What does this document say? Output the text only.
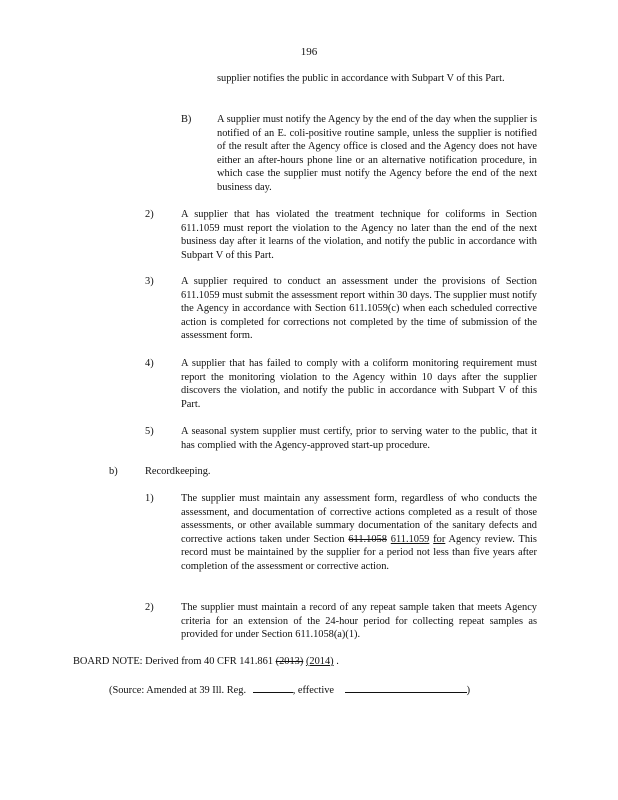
196
supplier notifies the public in accordance with Subpart V of this Part.
B)	A supplier must notify the Agency by the end of the day when the supplier is notified of an E. coli-positive routine sample, unless the supplier is notified of the result after the Agency office is closed and the Agency does not have either an after-hours phone line or an alternative notification procedure, in which case the supplier must notify the Agency before the end of the next business day.
2)	A supplier that has violated the treatment technique for coliforms in Section 611.1059 must report the violation to the Agency no later than the end of the next business day after it learns of the violation, and notify the public in accordance with Subpart V of this Part.
3)	A supplier required to conduct an assessment under the provisions of Section 611.1059 must submit the assessment report within 30 days. The supplier must notify the Agency in accordance with Section 611.1059(c) when each scheduled corrective action is completed for corrections not completed by the time of submission of the assessment form.
4)	A supplier that has failed to comply with a coliform monitoring requirement must report the monitoring violation to the Agency within 10 days after the supplier discovers the violation, and notify the public in accordance with Subpart V of this Part.
5)	A seasonal system supplier must certify, prior to serving water to the public, that it has complied with the Agency-approved start-up procedure.
b)	Recordkeeping.
1)	The supplier must maintain any assessment form, regardless of who conducts the assessment, and documentation of corrective actions completed as a result of those assessments, or other available summary documentation of the sanitary defects and corrective actions taken under Section 611.1058 611.1059 for Agency review. This record must be maintained by the supplier for a period not less than five years after completion of the assessment or corrective action.
2)	The supplier must maintain a record of any repeat sample taken that meets Agency criteria for an extension of the 24-hour period for collecting repeat samples as provided for under Section 611.1058(a)(1).
BOARD NOTE: Derived from 40 CFR 141.861 (2013) (2014) .
(Source: Amended at 39 Ill. Reg.	, effective	)
